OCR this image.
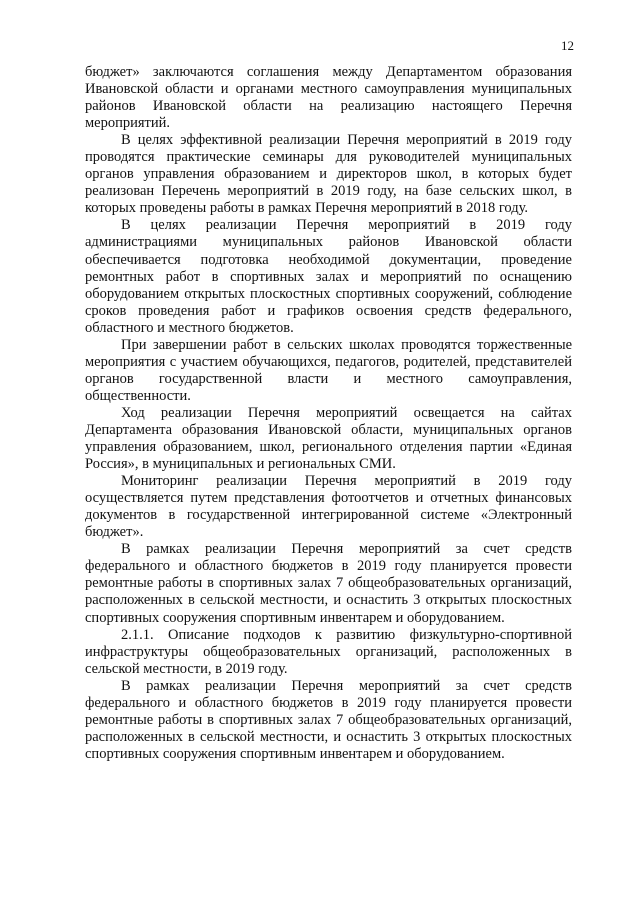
12

бюджет» заключаются соглашения между Департаментом образования Ивановской области и органами местного самоуправления муниципальных районов Ивановской области на реализацию настоящего Перечня мероприятий.

В целях эффективной реализации Перечня мероприятий в 2019 году проводятся практические семинары для руководителей муниципальных органов управления образованием и директоров школ, в которых будет реализован Перечень мероприятий в 2019 году, на базе сельских школ, в которых проведены работы в рамках Перечня мероприятий в 2018 году.

В целях реализации Перечня мероприятий в 2019 году администрациями муниципальных районов Ивановской области обеспечивается подготовка необходимой документации, проведение ремонтных работ в спортивных залах и мероприятий по оснащению оборудованием открытых плоскостных спортивных сооружений, соблюдение сроков проведения работ и графиков освоения средств федерального, областного и местного бюджетов.

При завершении работ в сельских школах проводятся торжественные мероприятия с участием обучающихся, педагогов, родителей, представителей органов государственной власти и местного самоуправления, общественности.

Ход реализации Перечня мероприятий освещается на сайтах Департамента образования Ивановской области, муниципальных органов управления образованием, школ, регионального отделения партии «Единая Россия», в муниципальных и региональных СМИ.

Мониторинг реализации Перечня мероприятий в 2019 году осуществляется путем представления фотоотчетов и отчетных финансовых документов в государственной интегрированной системе «Электронный бюджет».

В рамках реализации Перечня мероприятий за счет средств федерального и областного бюджетов в 2019 году планируется провести ремонтные работы в спортивных залах 7 общеобразовательных организаций, расположенных в сельской местности, и оснастить 3 открытых плоскостных спортивных сооружения спортивным инвентарем и оборудованием.

2.1.1. Описание подходов к развитию физкультурно-спортивной инфраструктуры общеобразовательных организаций, расположенных в сельской местности, в 2019 году.

В рамках реализации Перечня мероприятий за счет средств федерального и областного бюджетов в 2019 году планируется провести ремонтные работы в спортивных залах 7 общеобразовательных организаций, расположенных в сельской местности, и оснастить 3 открытых плоскостных спортивных сооружения спортивным инвентарем и оборудованием.
